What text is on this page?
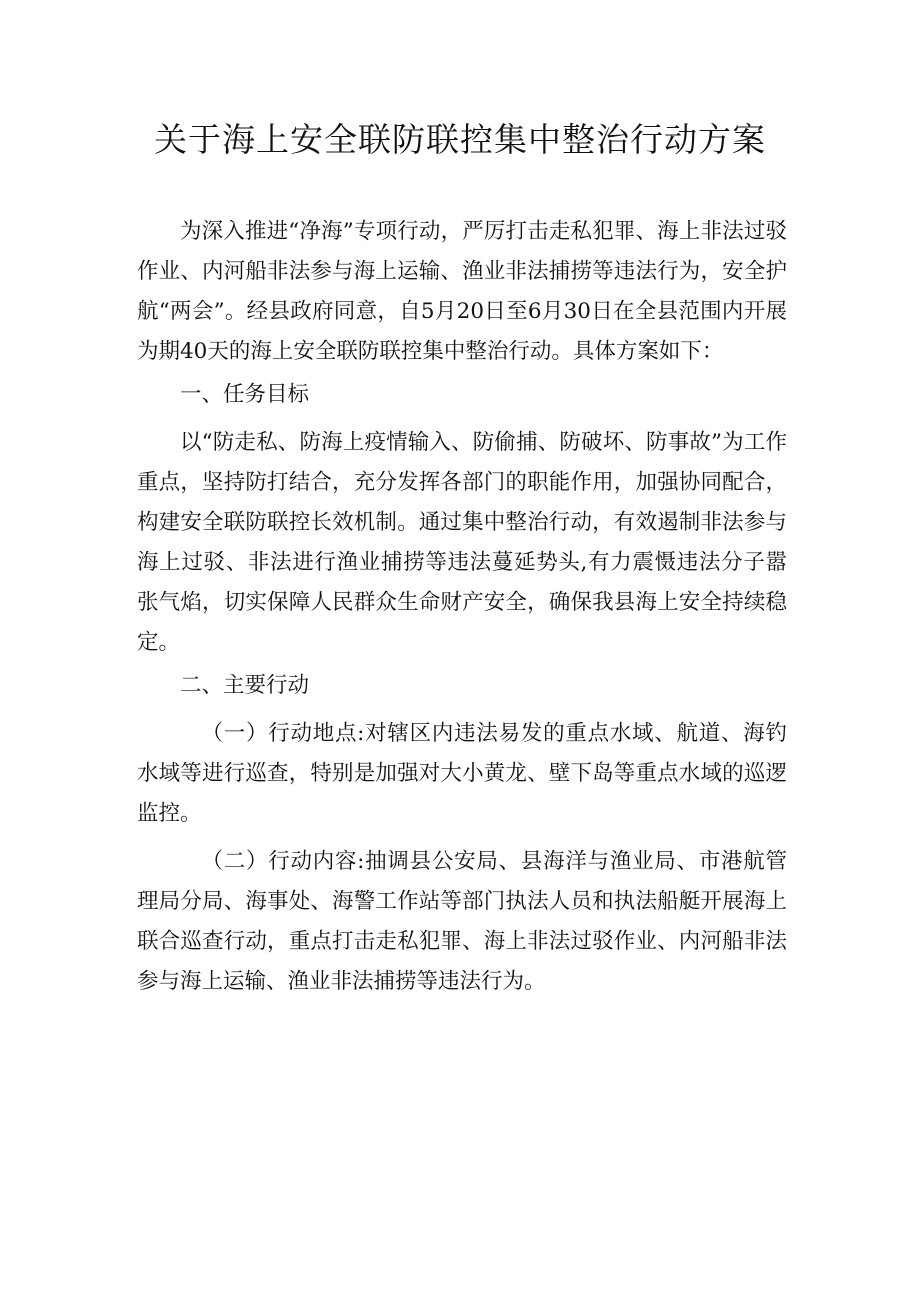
关于海上安全联防联控集中整治行动方案

为深入推进“净海”专项行动，严厉打击走私犯罪、海上非法过驳作业、内河船非法参与海上运输、渔业非法捕捞等违法行为，安全护航“两会”。经县政府同意，自5月20日至6月30日在全县范围内开展为期40天的海上安全联防联控集中整治行动。具体方案如下：

一、任务目标

以“防走私、防海上疫情输入、防偷捕、防破坏、防事故”为工作重点，坚持防打结合，充分发挥各部门的职能作用，加强协同配合，构建安全联防联控长效机制。通过集中整治行动，有效遏制非法参与海上过驳、非法进行渔业捕捞等违法蔓延势头,有力震慑违法分子嚣张气焰，切实保障人民群众生命财产安全，确保我县海上安全持续稳定。

二、主要行动

（一）行动地点:对辖区内违法易发的重点水域、航道、海钓水域等进行巡查，特别是加强对大小黄龙、壁下岛等重点水域的巡逻监控。

（二）行动内容:抽调县公安局、县海洋与渔业局、市港航管理局分局、海事处、海警工作站等部门执法人员和执法船艇开展海上联合巡查行动，重点打击走私犯罪、海上非法过驳作业、内河船非法参与海上运输、渔业非法捕捞等违法行为。
